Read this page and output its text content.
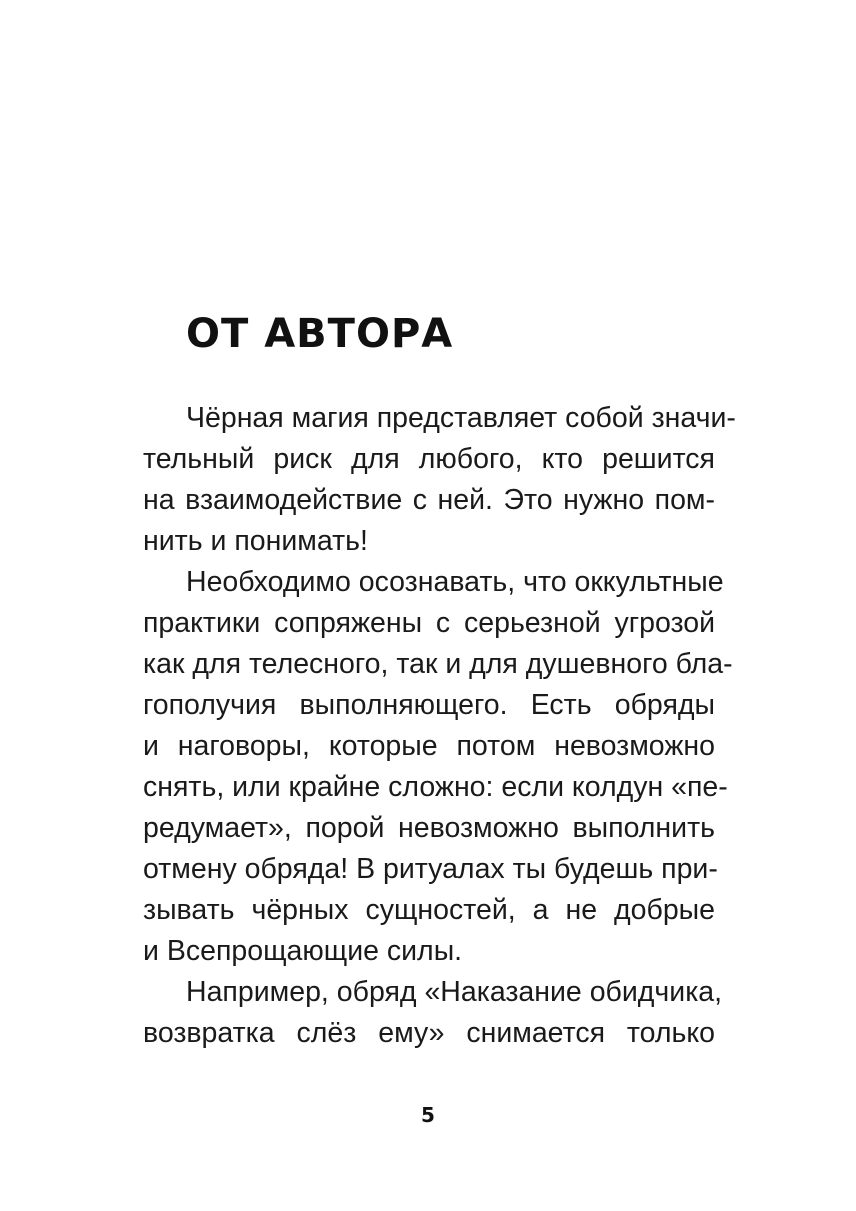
ОТ АВТОРА
Чёрная магия представляет собой значи-
тельный риск для любого, кто решится
на взаимодействие с ней. Это нужно пом-
нить и понимать!
Необходимо осознавать, что оккультные
практики сопряжены с серьезной угрозой
как для телесного, так и для душевного бла-
гополучия выполняющего. Есть обряды
и наговоры, которые потом невозможно
снять, или крайне сложно: если колдун «пе-
редумает», порой невозможно выполнить
отмену обряда! В ритуалах ты будешь при-
зывать чёрных сущностей, а не добрые
и Всепрощающие силы.
Например, обряд «Наказание обидчика,
возвратка слёз ему» снимается только
5
